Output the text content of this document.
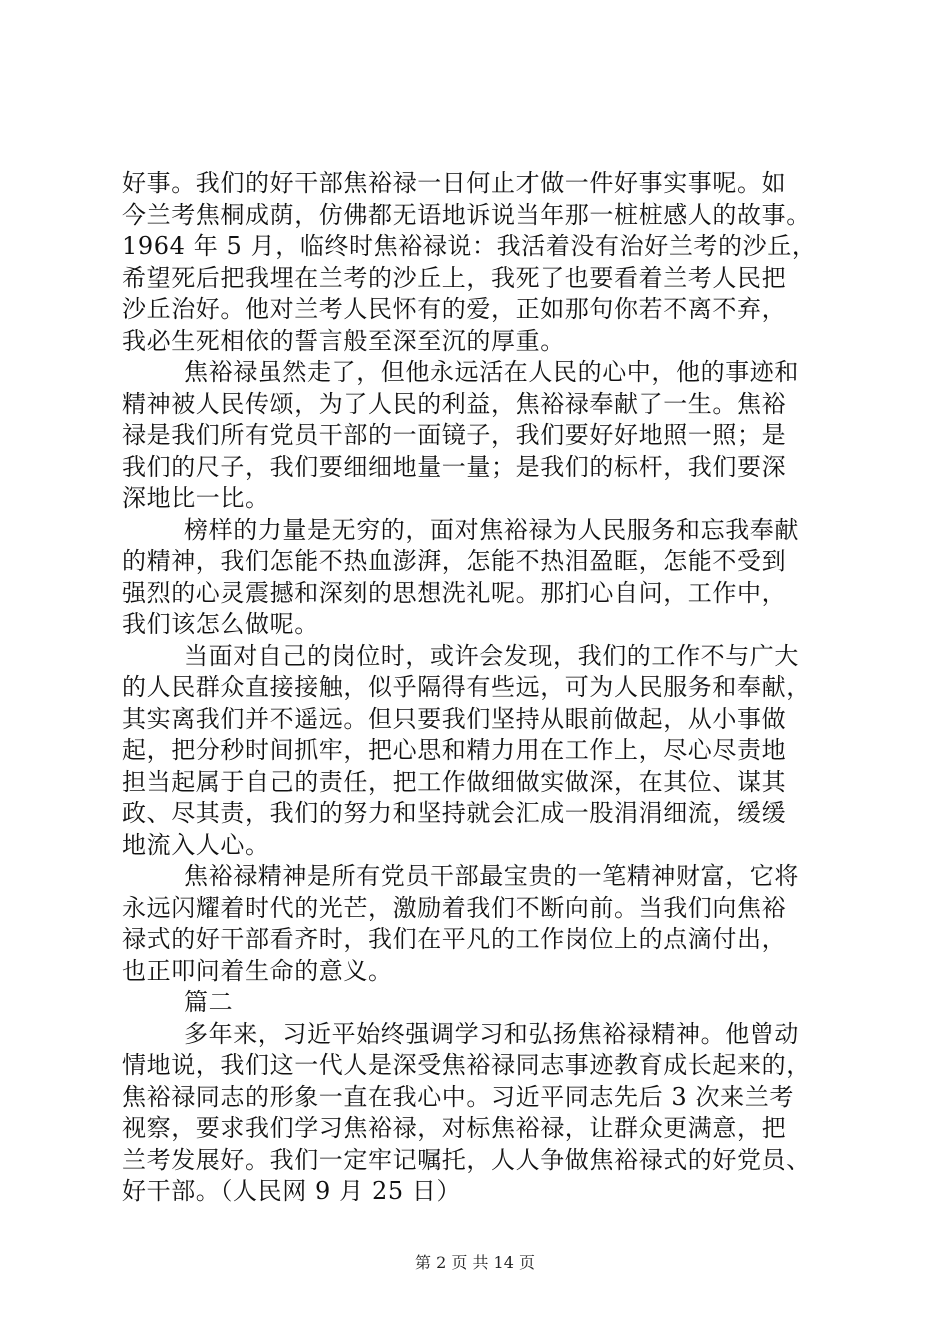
好事。我们的好干部焦裕禄一日何止才做一件好事实事呢。如
今兰考焦桐成荫，仿佛都无语地诉说当年那一桩桩感人的故事。
1964 年 5 月，临终时焦裕禄说：我活着没有治好兰考的沙丘，
希望死后把我埋在兰考的沙丘上，我死了也要看着兰考人民把
沙丘治好。他对兰考人民怀有的爱，正如那句你若不离不弃，
我必生死相依的誓言般至深至沉的厚重。
焦裕禄虽然走了，但他永远活在人民的心中，他的事迹和
精神被人民传颂，为了人民的利益，焦裕禄奉献了一生。焦裕
禄是我们所有党员干部的一面镜子，我们要好好地照一照；是
我们的尺子，我们要细细地量一量；是我们的标杆，我们要深
深地比一比。
榜样的力量是无穷的，面对焦裕禄为人民服务和忘我奉献
的精神，我们怎能不热血澎湃，怎能不热泪盈眶，怎能不受到
强烈的心灵震撼和深刻的思想洗礼呢。那扪心自问，工作中，
我们该怎么做呢。
当面对自己的岗位时，或许会发现，我们的工作不与广大
的人民群众直接接触，似乎隔得有些远，可为人民服务和奉献，
其实离我们并不遥远。但只要我们坚持从眼前做起，从小事做
起，把分秒时间抓牢，把心思和精力用在工作上，尽心尽责地
担当起属于自己的责任，把工作做细做实做深，在其位、谋其
政、尽其责，我们的努力和坚持就会汇成一股涓涓细流，缓缓
地流入人心。
焦裕禄精神是所有党员干部最宝贵的一笔精神财富，它将
永远闪耀着时代的光芒，激励着我们不断向前。当我们向焦裕
禄式的好干部看齐时，我们在平凡的工作岗位上的点滴付出，
也正叩问着生命的意义。
篇二
多年来，习近平始终强调学习和弘扬焦裕禄精神。他曾动
情地说，我们这一代人是深受焦裕禄同志事迹教育成长起来的，
焦裕禄同志的形象一直在我心中。习近平同志先后 3 次来兰考
视察，要求我们学习焦裕禄，对标焦裕禄，让群众更满意，把
兰考发展好。我们一定牢记嘱托，人人争做焦裕禄式的好党员、
好干部。（人民网 9 月 25 日）
第 2 页 共 14 页
